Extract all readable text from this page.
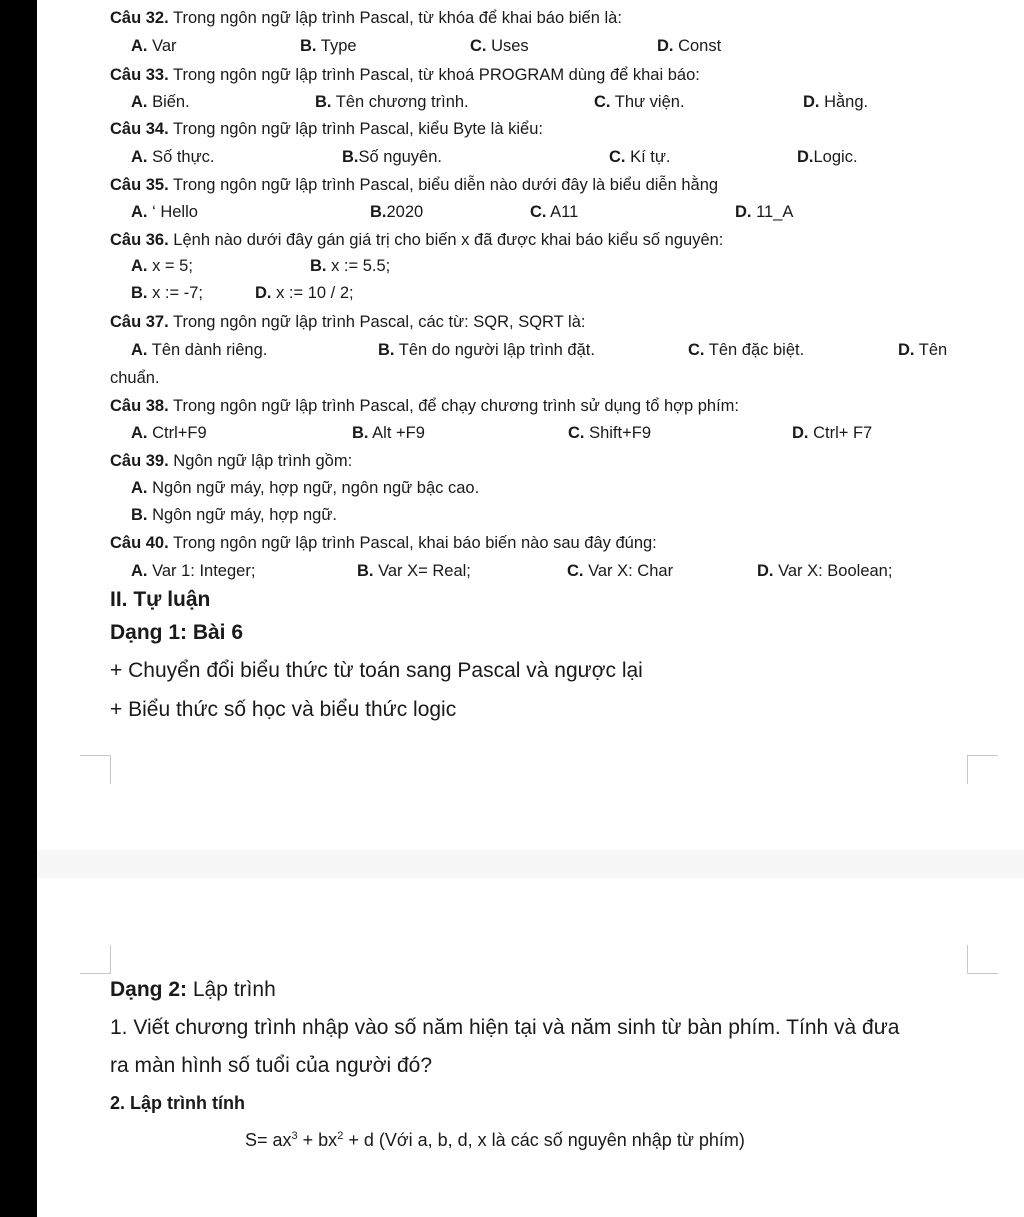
Câu 32. Trong ngôn ngữ lập trình Pascal, từ khóa để khai báo biến là:
A. Var	B. Type	C. Uses	D. Const
Câu 33. Trong ngôn ngữ lập trình Pascal, từ khoá PROGRAM dùng để khai báo:
A. Biến.	B. Tên chương trình.	C. Thư viện.	D. Hằng.
Câu 34. Trong ngôn ngữ lập trình Pascal, kiểu Byte là kiểu:
A. Số thực.	B.Số nguyên.	C. Kí tự.	D.Logic.
Câu 35. Trong ngôn ngữ lập trình Pascal, biểu diễn nào dưới đây là biểu diễn hằng
A. ‘ Hello	B.2020	C. A11	D. 11_A
Câu 36. Lệnh nào dưới đây gán giá trị cho biến x đã được khai báo kiểu số nguyên:
A. x = 5;	B. x := 5.5;
B. x := -7;	D. x := 10 / 2;
Câu 37. Trong ngôn ngữ lập trình Pascal, các từ: SQR, SQRT là:
A. Tên dành riêng.	B. Tên do người lập trình đặt.	C. Tên đặc biệt.	D. Tên
chuẩn.
Câu 38. Trong ngôn ngữ lập trình Pascal, để chạy chương trình sử dụng tổ hợp phím:
A. Ctrl+F9	B. Alt +F9	C. Shift+F9	D. Ctrl+ F7
Câu 39. Ngôn ngữ lập trình gồm:
A. Ngôn ngữ máy, hợp ngữ, ngôn ngữ bậc cao.
B. Ngôn ngữ máy, hợp ngữ.
Câu 40. Trong ngôn ngữ lập trình Pascal, khai báo biến nào sau đây đúng:
A. Var 1: Integer;	B. Var X= Real;	C. Var X: Char	D. Var X: Boolean;
II. Tự luận
Dạng 1: Bài 6
+ Chuyển đổi biểu thức từ toán sang Pascal và ngược lại
+ Biểu thức số học và biểu thức logic
Dạng 2: Lập trình
1. Viết chương trình nhập vào số năm hiện tại và năm sinh từ bàn phím. Tính và đưa
ra màn hình số tuổi của người đó?
2. Lập trình tính
$S= ax^3 + bx^2 + d$ (Với a, b, d, x là các số nguyên nhập từ phím)
